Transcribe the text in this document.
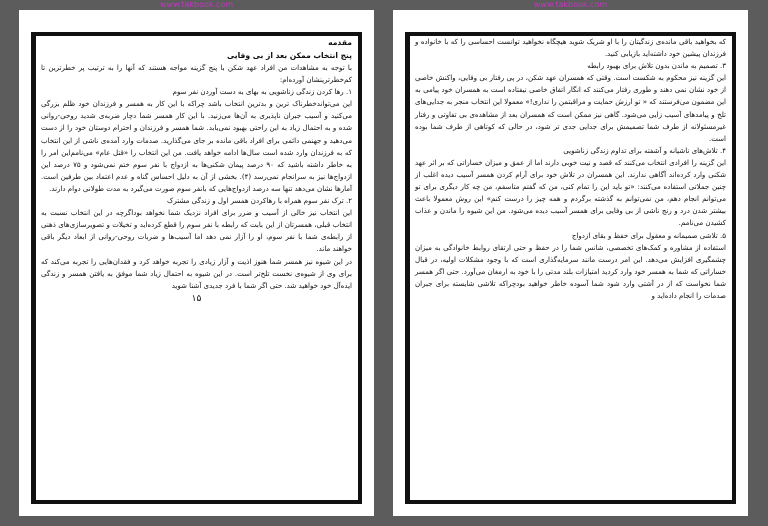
www.takbook.com

مقدمه

پنج انتخاب ممکن بعد از بی وفایی

با توجه به مشاهدات من افراد عهد شکن با پنج گزینه مواجه هستند که آنها را به ترتیب پر خطرترین تا کم‌خطرترینشان آورده‌ام:

۱. رها کردن زندگی زناشویی به بهای به دست آوردن نفر سوم

این می‌تواند‌خطرناک ترین و بدترین انتخاب باشد چراکه با این کار به همسر و فرزندان خود ظلم بزرگی می‌کنید و آسیب جبران ناپذیری به آن‌ها می‌زنید. با این کار همسر شما دچار ضربه‌ی شدید روحی-روانی شده و به احتمال زیاد به این راحتی بهبود نمی‌یابد. شما همسر و فرزندان و احترام دوستان خود را از دست می‌دهید و جهنمی دائمی برای افراد باقی مانده بر جای می‌گذارید. صدمات وارد آمده‌ی ناشی از این انتخاب که به فرزندان وارد شده است سال‌ها ادامه خواهد یافت. من این انتخاب را «قتل عام» می‌نامم‌این امر را به خاطر داشته باشید که ۹۰ درصد پیمان شکنی‌ها به ازدواج با نفر سوم ختم نمی‌شود و ۷۵ درصد این ازدواج‌ها نیز به سرانجام نمی‌رسد (۴). بخشی از آن به دلیل احساس گناه و عدم اعتماد بین طرفین است. آمارها نشان می‌دهد تنها سه درصد ازدواج‌هایی که بانفر سوم صورت می‌گیرد به مدت طولانی دوام دارند.

۲. ترک نفر سوم همراه با رهاکردن همسر اول و زندگی مشترک

این انتخاب نیز خالی از آسیب و ضرر برای افراد نزدیک شما نخواهد بود‌اگرچه در این انتخاب نسبت به انتخاب قبلی، همسرتان از این بابت که رابطه با نفر سوم را قطع کرده‌اید و تخیلات و تصویرسازی‌های ذهنی از رابطه‌ی شما با نفر سوم، او را آزار نمی دهد اما آسیب‌ها و ضربات روحی-روانی از ابعاد دیگر باقی خواهند ماند.

در این شیوه نیز همسر شما هنوز اذیت و آزار زیادی را تجربه خواهد کرد و فقدان‌هایی را تجربه می‌کند که برای وی از شیوه‌ی نخست تلخ‌تر است. در این شیوه به احتمال زیاد شما موفق به یافتن همسر و زندگی ایده‌آل خود خواهید شد. حتی اگر شما با فرد جدیدی آشنا شوید

۱۵

www.takbook.com

که بخواهید باقی مانده‌ی زندگیتان را با او شریک شوید هیچگاه نخواهید توانست احساسی را که با خانواده و فرزندان پیشین خود داشته‌اید بازیابی کنید.

۳. تصمیم به ماندن بدون تلاش برای بهبود رابطه

این گزینه نیز محکوم به شکست است. وقتی که همسران عهد شکن، در پی رفتار بی وفایی، واکنش خاصی از خود نشان نمی دهند و طوری رفتار می‌کنند که انگار اتفاق خاصی نیفتاده است به همسران خود پیامی به این مضمون می‌فرستند که « تو ارزش حمایت و مراقبتمن را نداری!» معمولا این انتخاب منجر به جدایی‌های تلخ و پیامدهای آسیب زایی می‌شود. گاهی نیز ممکن است که همسران بعد از مشاهده‌ی بی تفاوتی و رفتار غیرمسئولانه از طرف شما تصمیمش برای جدایی جدی تر شود، در حالی که کوتاهی از طرف شما بوده است.

۴. تلاش‌های ناشیانه و آشفته برای تداوم زندگی زناشویی

این گزینه را افرادی انتخاب می‌کنند که قصد و نیت خوبی دارند اما از عمق و میزان خساراتی که بر اثر عهد شکنی وارد کرده‌اند آگاهی ندارند. این همسران در تلاش خود برای آرام کردن همسر آسیب دیده اغلب از چنین جملاتی استفاده می‌کنند: «تو باید این را تمام کنی، من که گفتم متاسفم، من چه کار دیگری برای تو می‌توانم انجام دهم، من نمی‌توانم به گذشته برگردم و همه چیز را درست کنم» این روش معمولا باعث بیشتر شدن درد و رنج ناشی از بی وفایی برای همسر آسیب دیده می‌شود. من این شیوه را ماندن و عذاب کشیدن می‌نامم.

۵. تلاشی صمیمانه و معقول برای حفظ و بقای ازدواج

استفاده از مشاوره و کمک‌های تخصصی، شانس شما را در حفظ و حتی ارتقای روابط خانوادگی به میزان چشمگیری افزایش می‌دهد. این امر درست مانند سرمایه‌گذاری است که با وجود مشکلات اولیه، در قبال خساراتی که شما به همسر خود وارد کردید امتیازات بلند مدتی را با خود به ارمغان می‌آورد. حتی اگر همسر شما نخواست که از در آشتی وارد شود شما آسوده خاطر خواهید بود‌چراکه تلاشی شایسته برای جبران صدمات را انجام داده‌اید و
